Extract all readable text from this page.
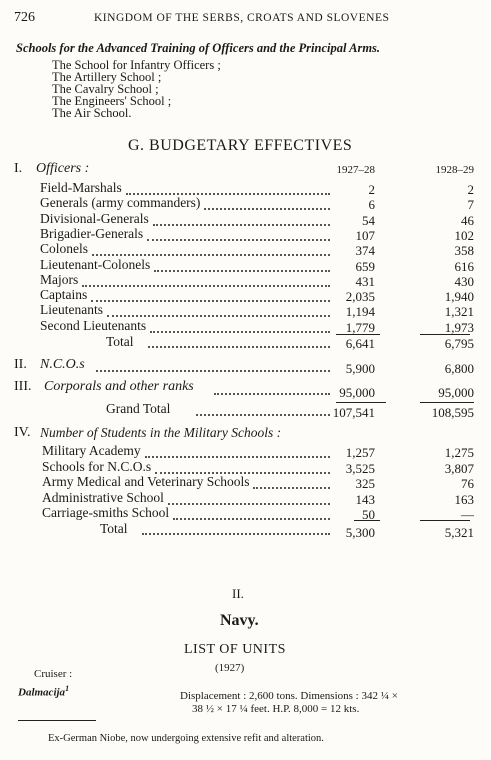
726	KINGDOM OF THE SERBS, CROATS AND SLOVENES
Schools for the Advanced Training of Officers and the Principal Arms.
The School for Infantry Officers ;
The Artillery School ;
The Cavalry School ;
The Engineers' School ;
The Air School.
G. BUDGETARY EFFECTIVES
1927–28	1928–29
I. Officers :
Field-Marshals	2	2
Generals (army commanders)	6	7
Divisional-Generals	54	46
Brigadier-Generals	107	102
Colonels	374	358
Lieutenant-Colonels	659	616
Majors	431	430
Captains	2,035	1,940
Lieutenants	1,194	1,321
Second Lieutenants	1,779	1,973
Total	6,641	6,795
II. N.C.O.s	5,900	6,800
III. Corporals and other ranks	95,000	95,000
Grand Total	107,541	108,595
IV. Number of Students in the Military Schools :
Military Academy	1,257	1,275
Schools for N.C.O.s	3,525	3,807
Army Medical and Veterinary Schools	325	76
Administrative School	143	163
Carriage-smiths School	50	—
Total	5,300	5,321
II.
Navy.
LIST OF UNITS
(1927)
Cruiser :
Dalmacija$^1$
Displacement : 2,600 tons. Dimensions : 342 ¼ ×
38 ½ × 17 ¼ feet. H.P. 8,000 = 12 kts.
Ex-German Niobe, now undergoing extensive refit and alteration.
